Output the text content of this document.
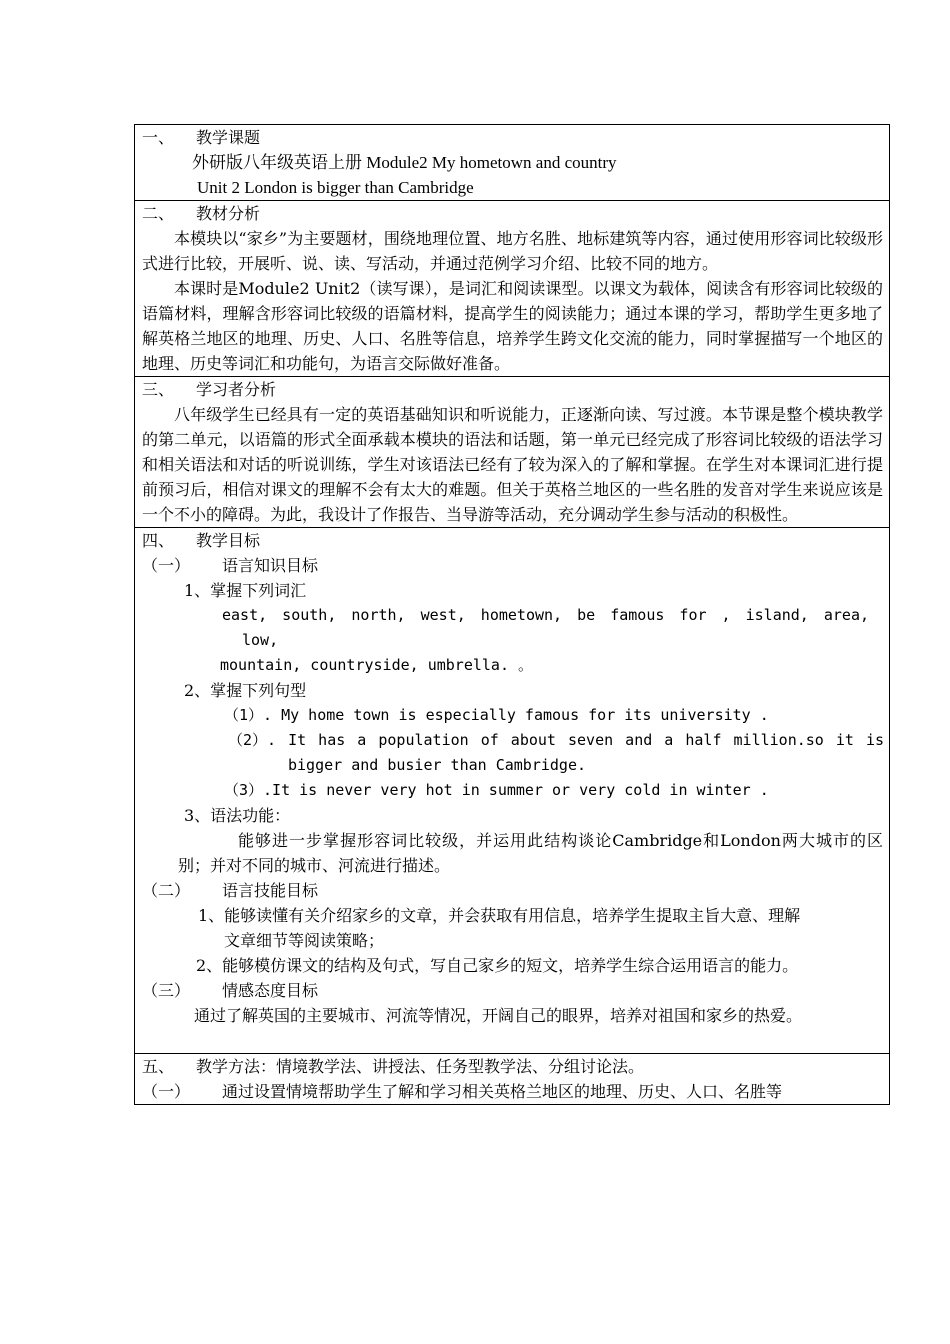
一、 教学课题
外研版八年级英语上册 Module2 My hometown and country
Unit 2 London is bigger than Cambridge

二、 教材分析
本模块以“家乡”为主要题材，围绕地理位置、地方名胜、地标建筑等内容，通过使用形容词比较级形式进行比较，开展听、说、读、写活动，并通过范例学习介绍、比较不同的地方。
本课时是Module2 Unit2（读写课），是词汇和阅读课型。以课文为载体，阅读含有形容词比较级的语篇材料，理解含形容词比较级的语篇材料，提高学生的阅读能力；通过本课的学习，帮助学生更多地了解英格兰地区的地理、历史、人口、名胜等信息，培养学生跨文化交流的能力，同时掌握描写一个地区的地理、历史等词汇和功能句，为语言交际做好准备。

三、 学习者分析
八年级学生已经具有一定的英语基础知识和听说能力，正逐渐向读、写过渡。本节课是整个模块教学的第二单元，以语篇的形式全面承载本模块的语法和话题，第一单元已经完成了形容词比较级的语法学习和相关语法和对话的听说训练，学生对该语法已经有了较为深入的了解和掌握。在学生对本课词汇进行提前预习后，相信对课文的理解不会有太大的难题。但关于英格兰地区的一些名胜的发音对学生来说应该是一个不小的障碍。为此，我设计了作报告、当导游等活动，充分调动学生参与活动的积极性。

四、 教学目标
（一） 语言知识目标
1、掌握下列词汇
east, south, north, west, hometown, be famous for , island, area,
low,
mountain, countryside, umbrella. 。
2、掌握下列句型
（1）. My home town is especially famous for its university .
（2）. It has a population of about seven and a half million.so it is
bigger and busier than Cambridge.
（3）.It is never very hot in summer or very cold in winter .
3、语法功能：
能够进一步掌握形容词比较级，并运用此结构谈论Cambridge和London两大城市的区别；并对不同的城市、河流进行描述。
（二） 语言技能目标
1、能够读懂有关介绍家乡的文章，并会获取有用信息，培养学生提取主旨大意、理解
文章细节等阅读策略；
2、能够模仿课文的结构及句式，写自己家乡的短文，培养学生综合运用语言的能力。
（三） 情感态度目标
通过了解英国的主要城市、河流等情况，开阔自己的眼界，培养对祖国和家乡的热爱。

五、 教学方法：情境教学法、讲授法、任务型教学法、分组讨论法。
（一） 通过设置情境帮助学生了解和学习相关英格兰地区的地理、历史、人口、名胜等
